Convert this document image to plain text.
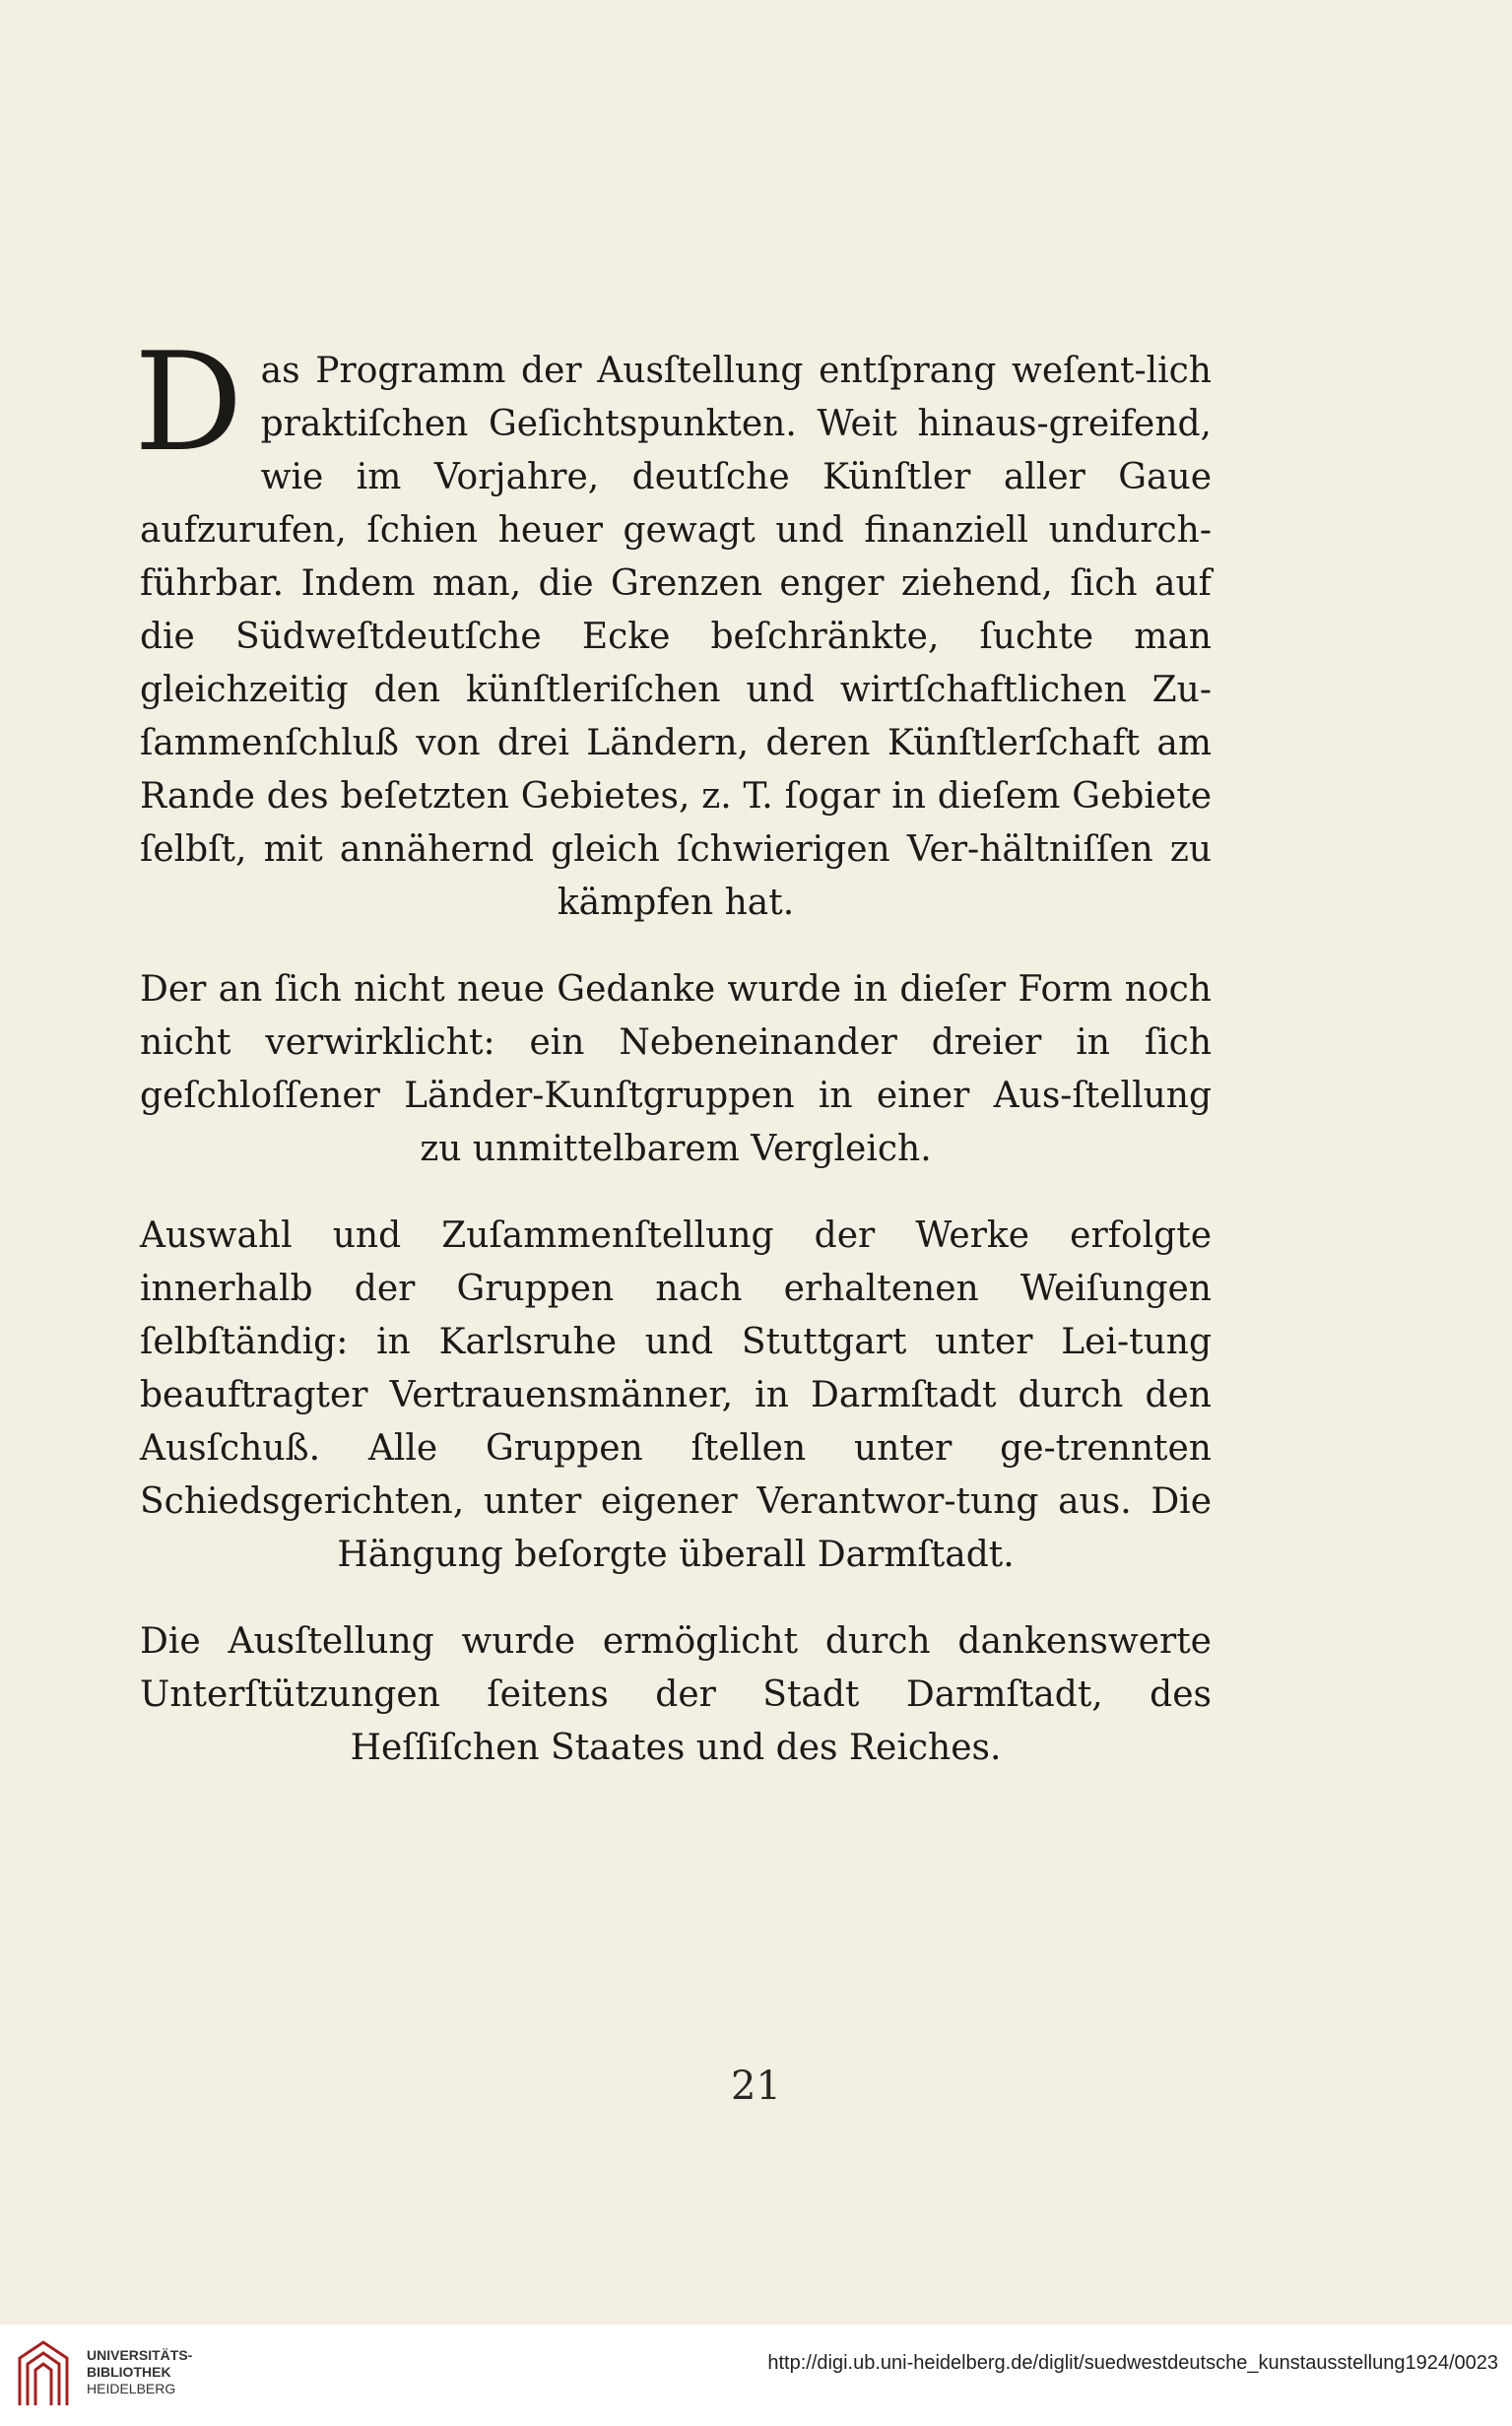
Das Programm der Ausſtellung entſprang weſent-lich praktiſchen Geſichtspunkten. Weit hinaus-greifend, wie im Vorjahre, deutſche Künſtler aller Gaue aufzurufen, ſchien heuer gewagt und finanziell undurch-führbar. Indem man, die Grenzen enger ziehend, ſich auf die Südweſtdeutſche Ecke beſchränkte, ſuchte man gleichzeitig den künſtleriſchen und wirtſchaftlichen Zu-ſammenſchluß von drei Ländern, deren Künſtlerſchaft am Rande des beſetzten Gebietes, z. T. ſogar in dieſem Gebiete ſelbſt, mit annähernd gleich ſchwierigen Ver-hältniſſen zu kämpfen hat.

Der an ſich nicht neue Gedanke wurde in dieſer Form noch nicht verwirklicht: ein Nebeneinander dreier in ſich geſchloſſener Länder-Kunſtgruppen in einer Aus-ſtellung zu unmittelbarem Vergleich.

Auswahl und Zuſammenſtellung der Werke erfolgte innerhalb der Gruppen nach erhaltenen Weiſungen ſelbſtändig: in Karlsruhe und Stuttgart unter Lei-tung beauftragter Vertrauensmänner, in Darmſtadt durch den Ausſchuß. Alle Gruppen ſtellen unter ge-trennten Schiedsgerichten, unter eigener Verantwor-tung aus. Die Hängung beſorgte überall Darmſtadt.

Die Ausſtellung wurde ermöglicht durch dankenswerte Unterſtützungen ſeitens der Stadt Darmſtadt, des Heſſiſchen Staates und des Reiches.

21
UNIVERSITÄTS-
BIBLIOTHEK
HEIDELBERG
http://digi.ub.uni-heidelberg.de/diglit/suedwestdeutsche_kunstausstellung1924/0023
